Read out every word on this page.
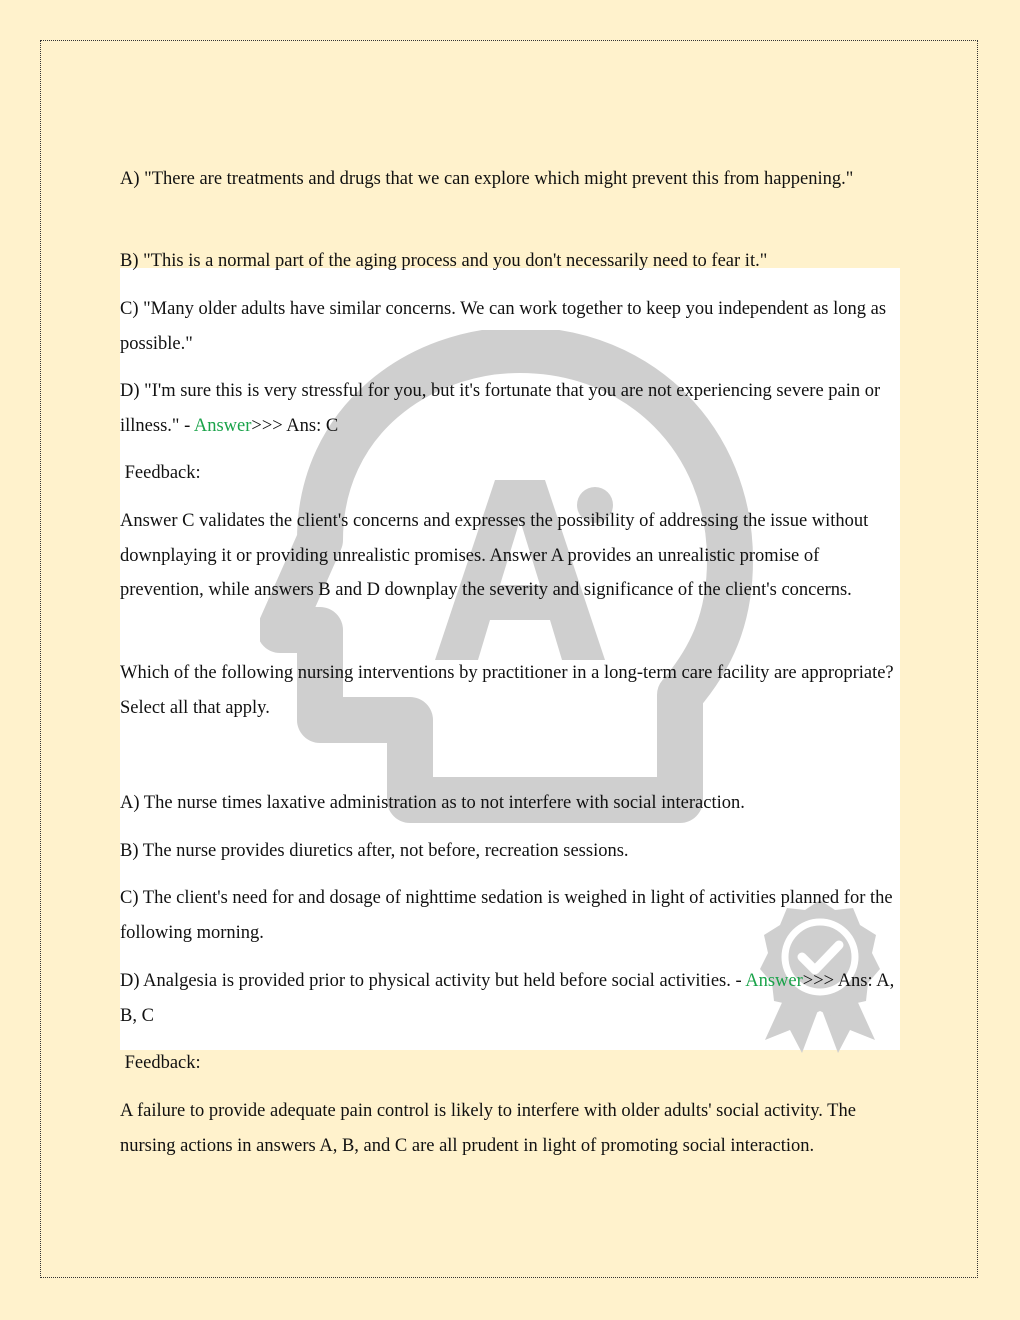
A) "There are treatments and drugs that we can explore which might prevent this from happening."

B) "This is a normal part of the aging process and you don't necessarily need to fear it."

C) "Many older adults have similar concerns. We can work together to keep you independent as long as possible."

D) "I'm sure this is very stressful for you, but it's fortunate that you are not experiencing severe pain or illness." - Answer>>> Ans: C

Feedback:

Answer C validates the client's concerns and expresses the possibility of addressing the issue without downplaying it or providing unrealistic promises. Answer A provides an unrealistic promise of prevention, while answers B and D downplay the severity and significance of the client's concerns.

Which of the following nursing interventions by practitioner in a long-term care facility are appropriate? Select all that apply.

A) The nurse times laxative administration as to not interfere with social interaction.

B) The nurse provides diuretics after, not before, recreation sessions.

C) The client's need for and dosage of nighttime sedation is weighed in light of activities planned for the following morning.

D) Analgesia is provided prior to physical activity but held before social activities. - Answer>>> Ans: A, B, C

Feedback:

A failure to provide adequate pain control is likely to interfere with older adults' social activity. The nursing actions in answers A, B, and C are all prudent in light of promoting social interaction.
